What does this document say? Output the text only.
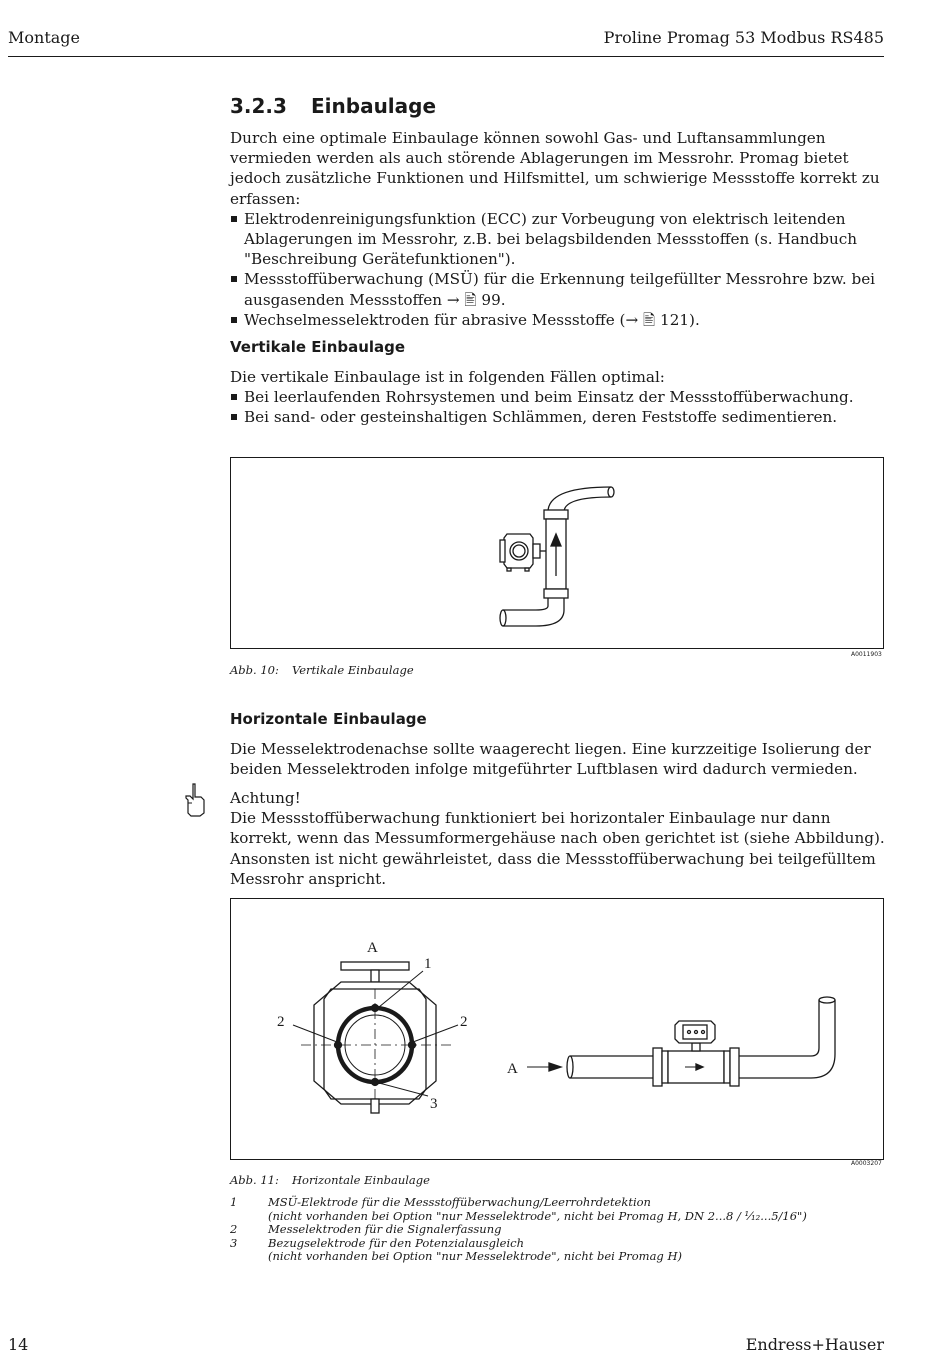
Montage	Proline Promag 53 Modbus RS485
3.2.3 Einbaulage

Durch eine optimale Einbaulage können sowohl Gas- und Luftansammlungen vermieden werden als auch störende Ablagerungen im Messrohr. Promag bietet jedoch zusätzliche Funktionen und Hilfsmittel, um schwierige Messstoffe korrekt zu erfassen:

Elektrodenreinigungsfunktion (ECC) zur Vorbeugung von elektrisch leitenden Ablagerungen im Messrohr, z.B. bei belagsbildenden Messstoffen (s. Handbuch "Beschreibung Gerätefunktionen").
Messstoffüberwachung (MSÜ) für die Erkennung teilgefüllter Messrohre bzw. bei ausgasenden Messstoffen → 🖹 99.
Wechselmesselektroden für abrasive Messstoffe (→ 🖹 121).
Vertikale Einbaulage

Die vertikale Einbaulage ist in folgenden Fällen optimal:

Bei leerlaufenden Rohrsystemen und beim Einsatz der Messstoffüberwachung.
Bei sand- oder gesteinshaltigen Schlämmen, deren Feststoffe sedimentieren.
A0011903
Abb. 10: Vertikale Einbaulage
Horizontale Einbaulage

Die Messelektrodenachse sollte waagerecht liegen. Eine kurzzeitige Isolierung der beiden Messelektroden infolge mitgeführter Luftblasen wird dadurch vermieden.

Achtung!

Die Messstoffüberwachung funktioniert bei horizontaler Einbaulage nur dann korrekt, wenn das Messumformergehäuse nach oben gerichtet ist (siehe Abbildung). Ansonsten ist nicht gewährleistet, dass die Messstoffüberwachung bei teilgefülltem Messrohr anspricht.

A
1
2	2
3
A
A0003207
Abb. 11: Horizontale Einbaulage
1	MSÜ-Elektrode für die Messstoffüberwachung/Leerrohrdetektion
(nicht vorhanden bei Option "nur Messelektrode", nicht bei Promag H, DN 2...8 / ¹⁄₁₂...5/16")
2	Messelektroden für die Signalerfassung
3	Bezugselektrode für den Potenzialausgleich
(nicht vorhanden bei Option "nur Messelektrode", nicht bei Promag H)
14	Endress+Hauser
